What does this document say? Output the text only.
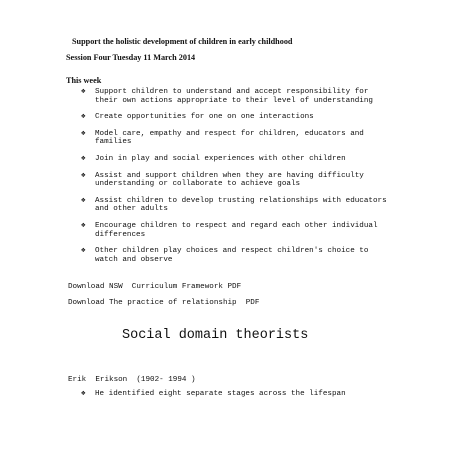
Support the holistic development of children in early childhood
Session Four Tuesday 11 March 2014
This week
❖ Support children to understand and accept responsibility for their own actions appropriate to their level of understanding
❖ Create opportunities for one on one interactions
❖ Model care, empathy and respect for children, educators and families
❖ Join in play and social experiences with other children
❖ Assist and support children when they are having difficulty understanding or collaborate to achieve goals
❖ Assist children to develop trusting relationships with educators and other adults
❖ Encourage children to respect and regard each other individual differences
❖ Other children play choices and respect children's choice to watch and observe
Download NSW  Curriculum Framework PDF
Download The practice of relationship  PDF
Social domain theorists
Erik  Erikson  (1902- 1994 )
❖ He identified eight separate stages across the lifespan
